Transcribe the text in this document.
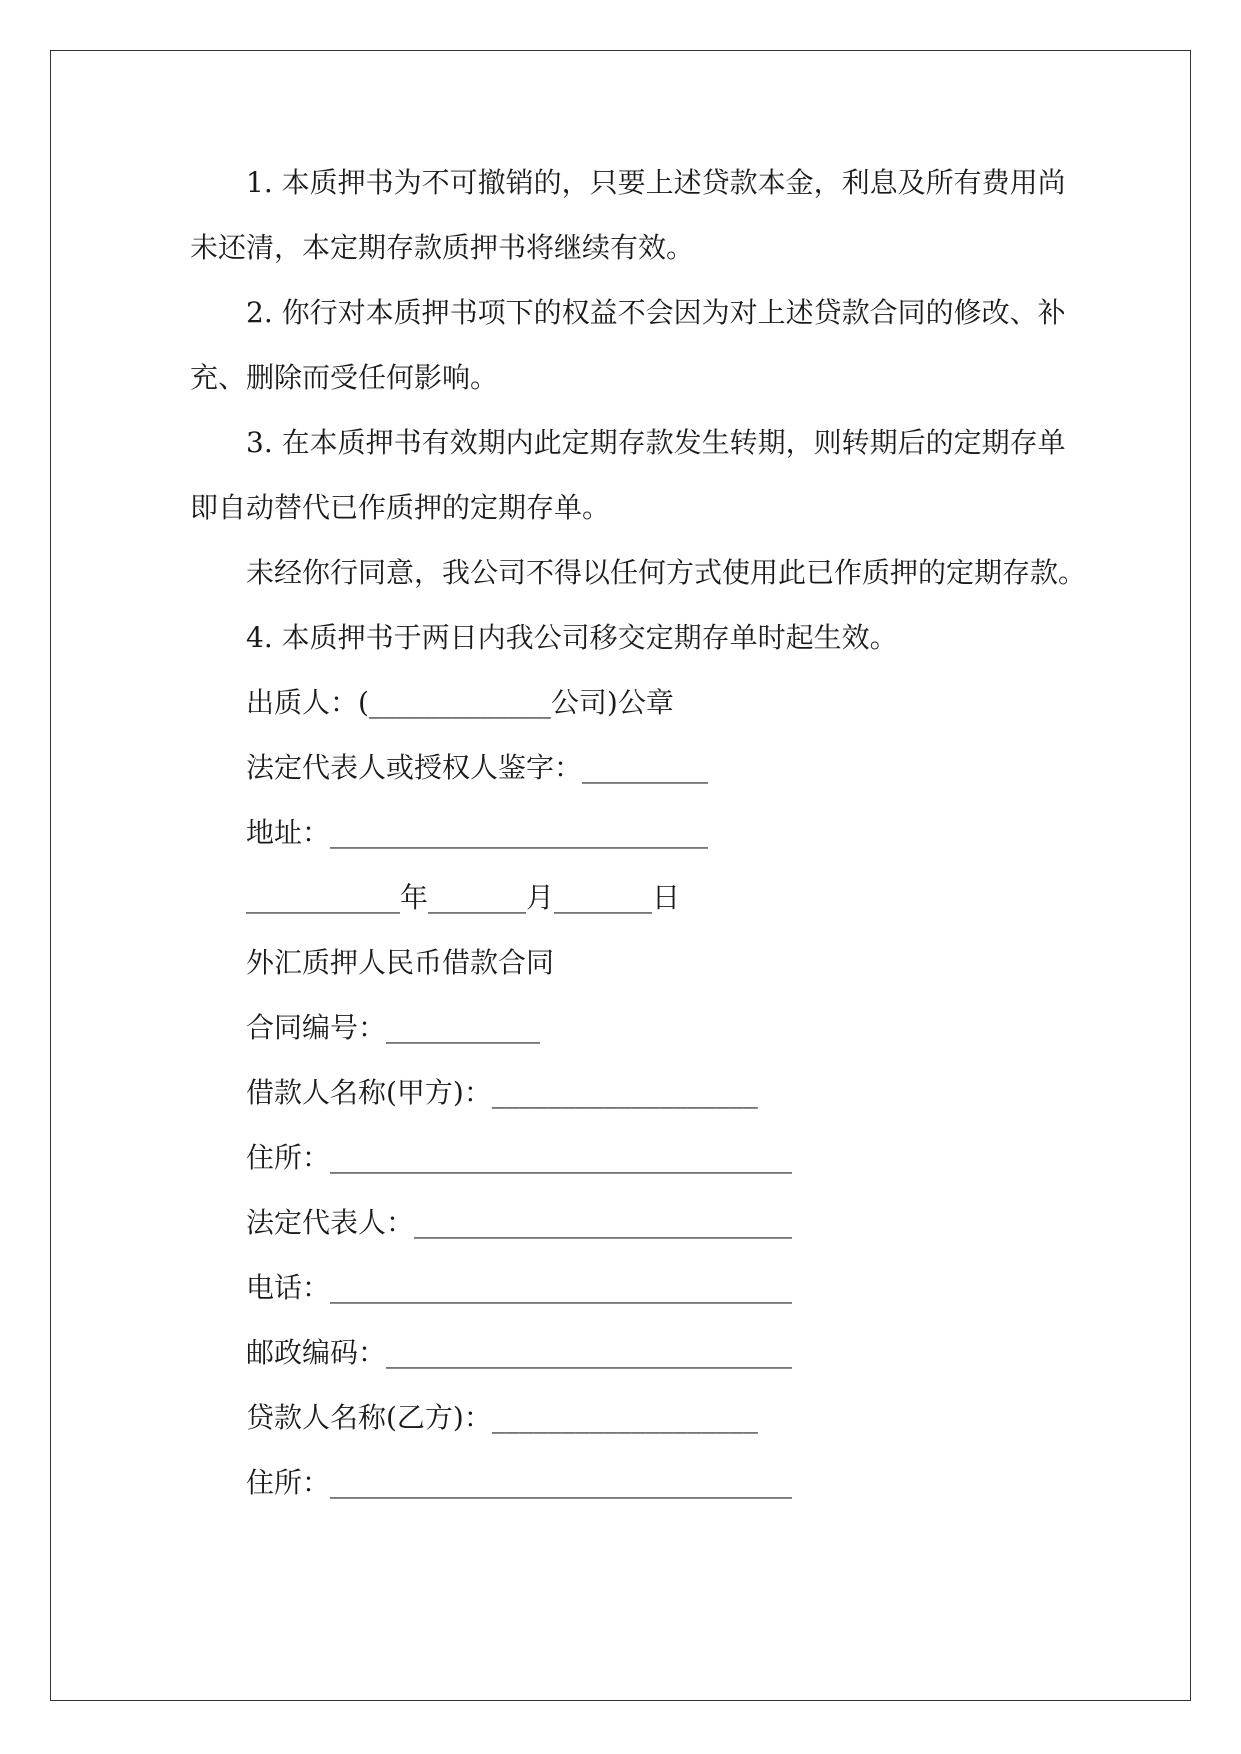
1. 本质押书为不可撤销的，只要上述贷款本金，利息及所有费用尚未还清，本定期存款质押书将继续有效。

2. 你行对本质押书项下的权益不会因为对上述贷款合同的修改、补充、删除而受任何影响。

3. 在本质押书有效期内此定期存款发生转期，则转期后的定期存单即自动替代已作质押的定期存单。

未经你行同意，我公司不得以任何方式使用此已作质押的定期存款。

4. 本质押书于两日内我公司移交定期存单时起生效。

出质人：(_____________公司)公章

法定代表人或授权人鉴字：_________

地址：___________________________

___________年_______月_______日

外汇质押人民币借款合同

合同编号：___________

借款人名称(甲方)：___________________

住所：_________________________________

法定代表人：___________________________

电话：_________________________________

邮政编码：_____________________________

贷款人名称(乙方)：___________________

住所：_________________________________
